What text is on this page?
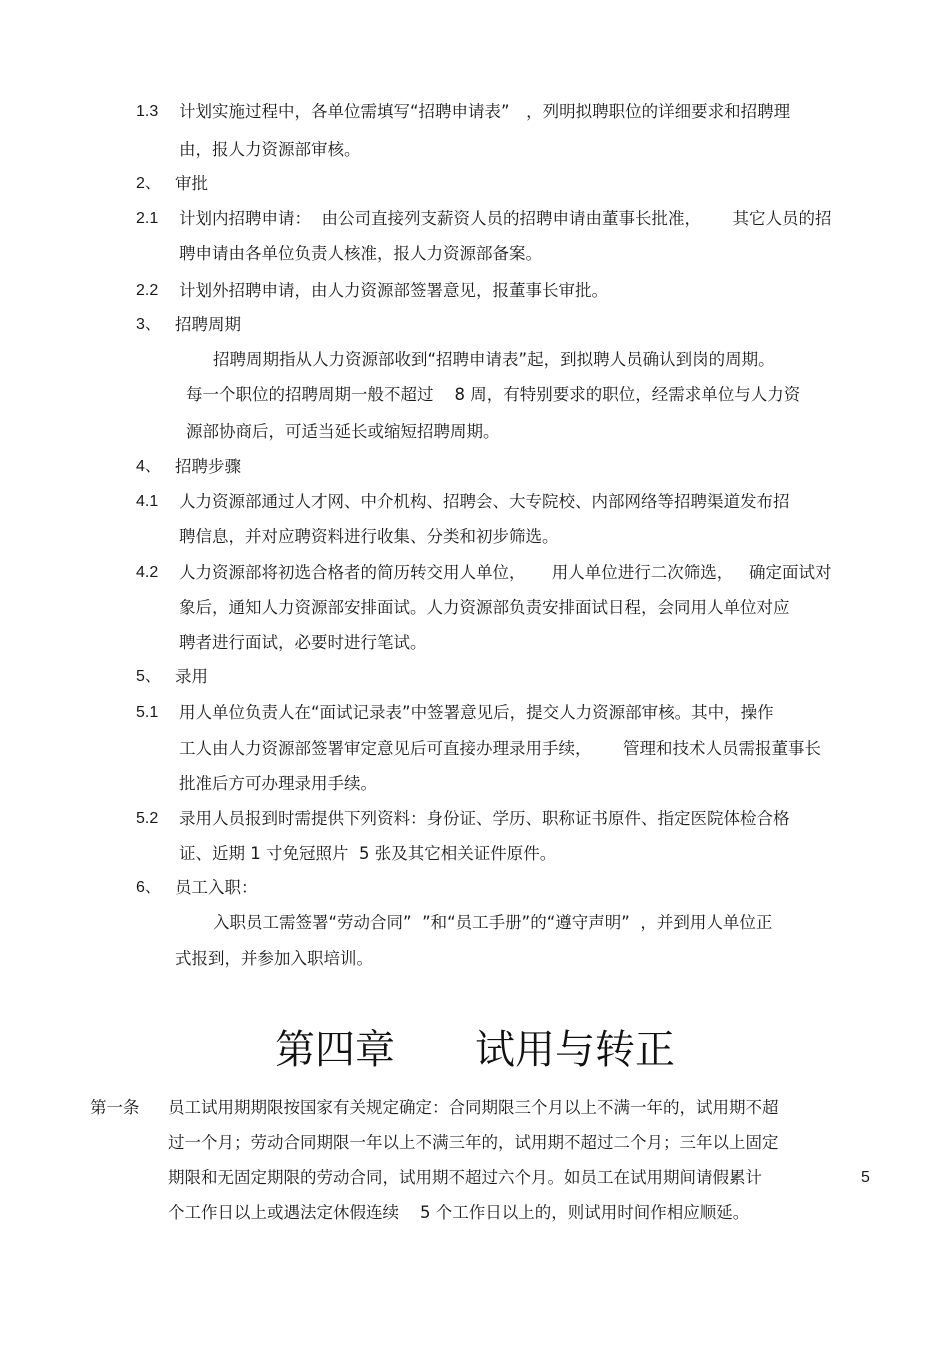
1.3 计划实施过程中，各单位需填写“招聘申请表”　，列明拟聘职位的详细要求和招聘理
由，报人力资源部审核。
2、 审批
2.1 计划内招聘申请：  由公司直接列支薪资人员的招聘申请由董事长批准，      其它人员的招
聘申请由各单位负责人核准，报人力资源部备案。
2.2 计划外招聘申请，由人力资源部签署意见，报董事长审批。
3、 招聘周期
招聘周期指从人力资源部收到“招聘申请表”起，到拟聘人员确认到岗的周期。
每一个职位的招聘周期一般不超过    8 周，有特别要求的职位，经需求单位与人力资
源部协商后，可适当延长或缩短招聘周期。
4、 招聘步骤
4.1 人力资源部通过人才网、中介机构、招聘会、大专院校、内部网络等招聘渠道发布招
聘信息，并对应聘资料进行收集、分类和初步筛选。
4.2 人力资源部将初选合格者的简历转交用人单位，     用人单位进行二次筛选，   确定面试对
象后，通知人力资源部安排面试。人力资源部负责安排面试日程，会同用人单位对应
聘者进行面试，必要时进行笔试。
5、 录用
5.1 用人单位负责人在“面试记录表”中签署意见后，提交人力资源部审核。其中，操作
工人由人力资源部签署审定意见后可直接办理录用手续，      管理和技术人员需报董事长
批准后方可办理录用手续。
5.2 录用人员报到时需提供下列资料：身份证、学历、职称证书原件、指定医院体检合格
证、近期 1 寸免冠照片  5 张及其它相关证件原件。
6、 员工入职：
入职员工需签署“劳动合同”  ”和“员工手册”的“遵守声明”  ，并到用人单位正
式报到，并参加入职培训。
第四章　　试用与转正
第一条 员工试用期期限按国家有关规定确定：合同期限三个月以上不满一年的，试用期不超
过一个月；劳动合同期限一年以上不满三年的，试用期不超过二个月；三年以上固定
期限和无固定期限的劳动合同，试用期不超过六个月。如员工在试用期间请假累计	5
个工作日以上或遇法定休假连续    5 个工作日以上的，则试用时间作相应顺延。
